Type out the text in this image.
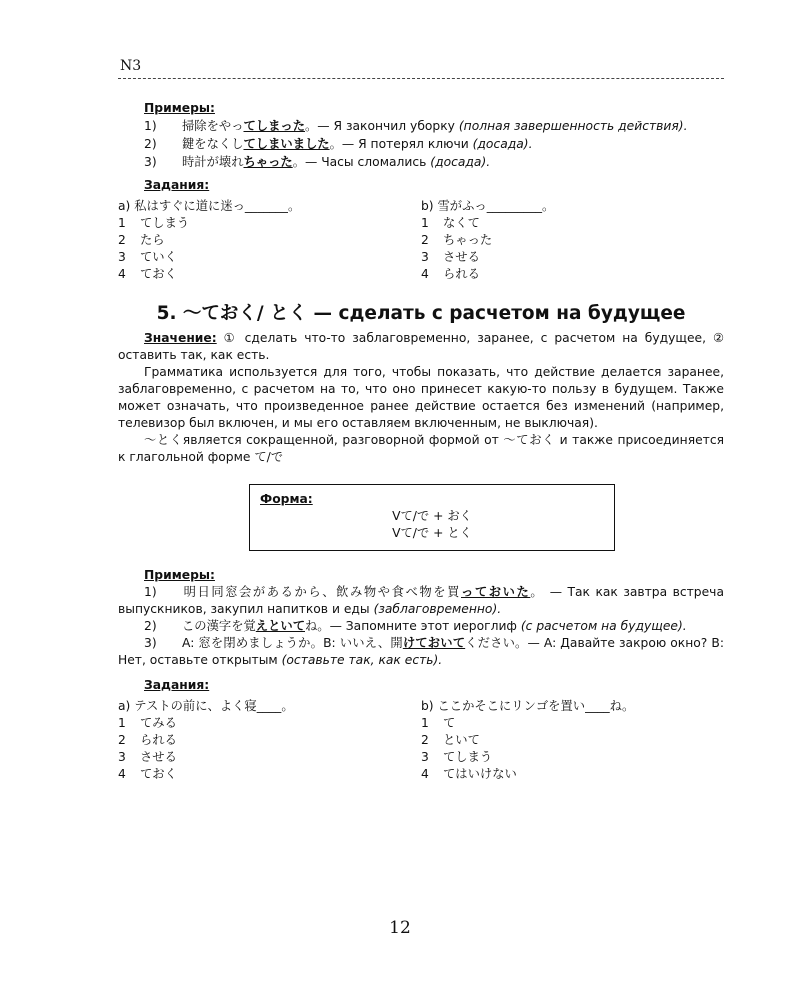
N3
Примеры:
1) 掃除をやってしまった。— Я закончил уборку (полная завершенность действия).
2) 鍵をなくしてしまいました。— Я потерял ключи (досада).
3) 時計が壊れちゃった。— Часы сломались (досада).
Задания:
a) 私はすぐに道に迷っ_______。
1 てしまう
2 たら
3 ていく
4 ておく
b) 雪がふっ_________。
1 なくて
2 ちゃった
3 させる
4 られる
5. ～ておく/ とく — сделать с расчетом на будущее
Значение: ① сделать что-то заблаговременно, заранее, с расчетом на будущее, ② оставить так, как есть.
Грамматика используется для того, чтобы показать, что действие делается заранее, заблаговременно, с расчетом на то, что оно принесет какую-то пользу в будущем. Также может означать, что произведенное ранее действие остается без изменений (например, телевизор был включен, и мы его оставляем включенным, не выключая).
～とくявляется сокращенной, разговорной формой от ～ておく и также присоединяется к глагольной форме て/で
Форма:
Vて/で + おく
Vて/で + とく
Примеры:
1) 明日同窓会があるから、飲み物や食べ物を買っておいた。 — Так как завтра встреча выпускников, закупил напитков и еды (заблаговременно).
2) この漢字を覚えといてね。— Запомните этот иероглиф (с расчетом на будущее).
3) A: 窓を閉めましょうか。B: いいえ、開けておいてください。— A: Давайте закрою окно? B: Нет, оставьте открытым (оставьте так, как есть).
Задания:
a) テストの前に、よく寝____。
1 てみる
2 られる
3 させる
4 ておく
b) ここかそこにリンゴを置い____ね。
1 て
2 といて
3 てしまう
4 てはいけない
12
